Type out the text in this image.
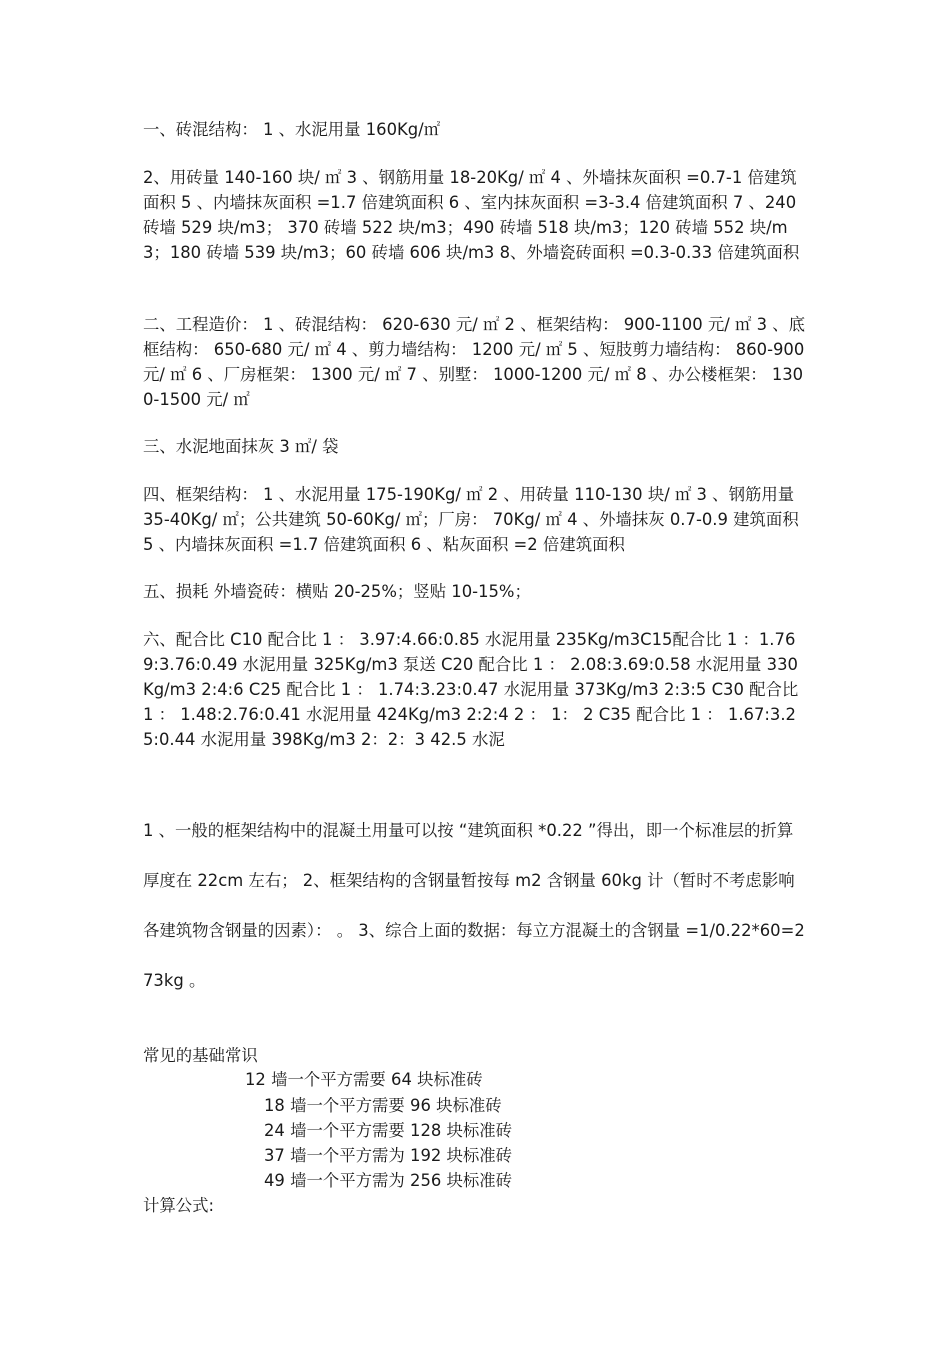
一、砖混结构： 1 、水泥用量 160Kg/㎡

2、用砖量 140-160 块/ ㎡ 3 、钢筋用量 18-20Kg/ ㎡ 4 、外墙抹灰面积 =0.7-1 倍建筑面积 5 、内墙抹灰面积 =1.7 倍建筑面积 6 、室内抹灰面积 =3-3.4 倍建筑面积 7 、240 砖墙 529 块/m3； 370 砖墙 522 块/m3；490 砖墙 518 块/m3；120 砖墙 552 块/m3；180 砖墙 539 块/m3；60 砖墙 606 块/m3 8、外墙瓷砖面积 =0.3-0.33 倍建筑面积

二、工程造价： 1 、砖混结构： 620-630 元/ ㎡ 2 、框架结构： 900-1100 元/ ㎡ 3 、底框结构： 650-680 元/ ㎡ 4 、剪力墙结构： 1200 元/ ㎡ 5 、短肢剪力墙结构： 860-900 元/ ㎡ 6 、厂房框架： 1300 元/ ㎡ 7 、别墅： 1000-1200 元/ ㎡ 8 、办公楼框架： 1300-1500 元/ ㎡

三、水泥地面抹灰 3 ㎡/ 袋

四、框架结构： 1 、水泥用量 175-190Kg/ ㎡ 2 、用砖量 110-130 块/ ㎡ 3 、钢筋用量 35-40Kg/ ㎡；公共建筑 50-60Kg/ ㎡；厂房： 70Kg/ ㎡ 4 、外墙抹灰 0.7-0.9 建筑面积 5 、内墙抹灰面积 =1.7 倍建筑面积 6 、粘灰面积 =2 倍建筑面积

五、损耗 外墙瓷砖：横贴 20-25%；竖贴 10-15%；

六、配合比 C10 配合比 1 ： 3.97:4.66:0.85 水泥用量 235Kg/m3C15配合比 1 ：1.769:3.76:0.49 水泥用量 325Kg/m3 泵送 C20 配合比 1 ： 2.08:3.69:0.58 水泥用量 330Kg/m3 2:4:6 C25 配合比 1 ： 1.74:3.23:0.47 水泥用量 373Kg/m3 2:3:5 C30 配合比 1 ： 1.48:2.76:0.41 水泥用量 424Kg/m3 2:2:4 2 ： 1： 2 C35 配合比 1 ： 1.67:3.25:0.44 水泥用量 398Kg/m3 2：2：3 42.5 水泥

1 、一般的框架结构中的混凝土用量可以按 “建筑面积 *0.22 ”得出，即一个标准层的折算厚度在 22cm 左右； 2、框架结构的含钢量暂按每 m2 含钢量 60kg 计（暂时不考虑影响各建筑物含钢量的因素）： 。 3、综合上面的数据：每立方混凝土的含钢量 =1/0.22*60=273kg 。

常见的基础常识

12 墙一个平方需要 64 块标准砖

18 墙一个平方需要 96 块标准砖

24 墙一个平方需要 128 块标准砖

37 墙一个平方需为 192 块标准砖

49 墙一个平方需为 256 块标准砖

计算公式:
